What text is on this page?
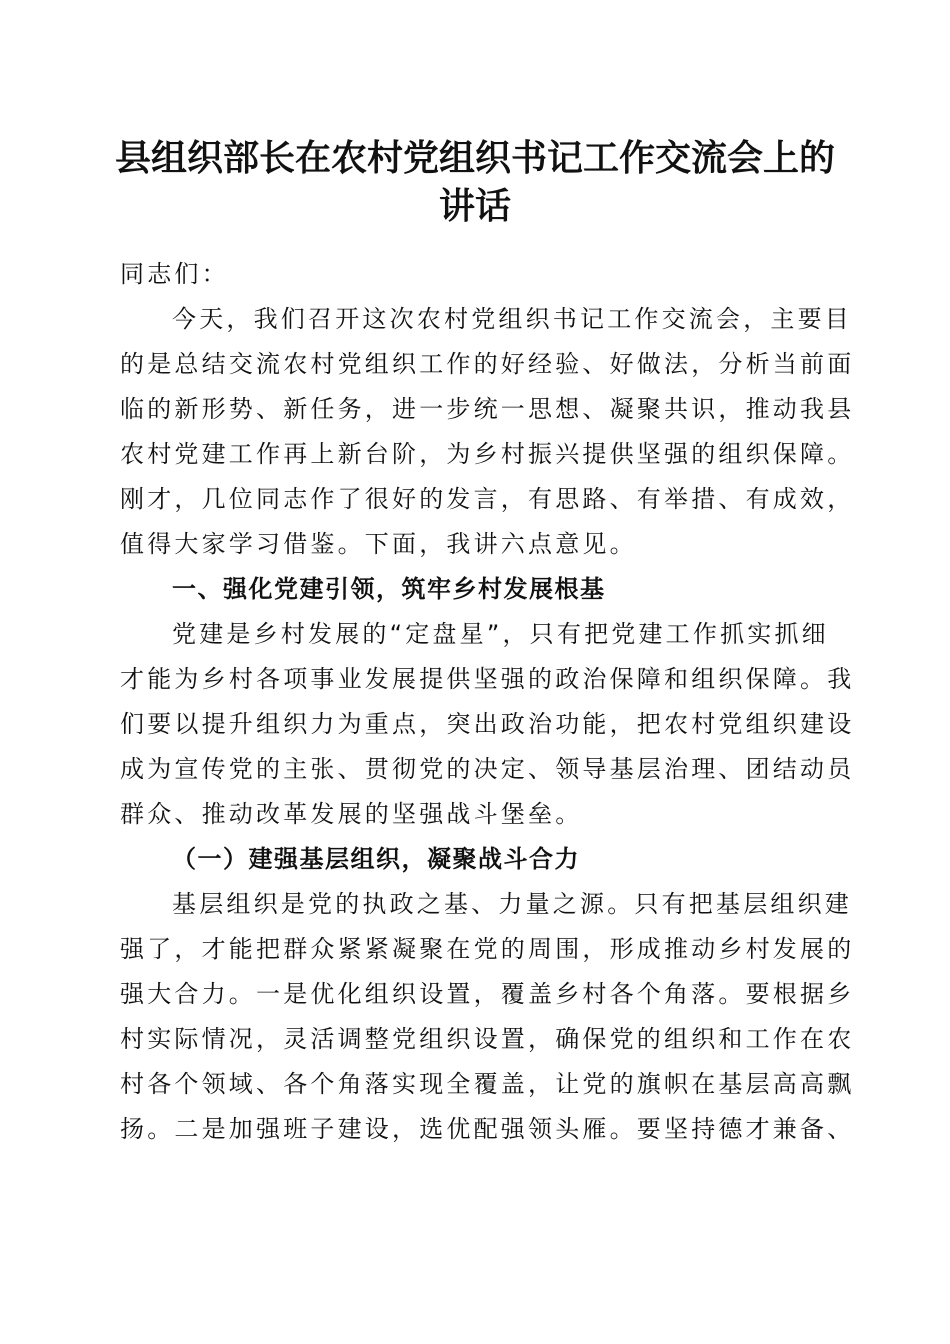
县组织部长在农村党组织书记工作交流会上的
讲话
同志们：
今天，我们召开这次农村党组织书记工作交流会，主要目
的是总结交流农村党组织工作的好经验、好做法，分析当前面
临的新形势、新任务，进一步统一思想、凝聚共识，推动我县
农村党建工作再上新台阶，为乡村振兴提供坚强的组织保障。
刚才，几位同志作了很好的发言，有思路、有举措、有成效，
值得大家学习借鉴。下面，我讲六点意见。
一、强化党建引领，筑牢乡村发展根基
党建是乡村发展的“定盘星”，只有把党建工作抓实抓细
才能为乡村各项事业发展提供坚强的政治保障和组织保障。我
们要以提升组织力为重点，突出政治功能，把农村党组织建设
成为宣传党的主张、贯彻党的决定、领导基层治理、团结动员
群众、推动改革发展的坚强战斗堡垒。
（一）建强基层组织，凝聚战斗合力
基层组织是党的执政之基、力量之源。只有把基层组织建
强了，才能把群众紧紧凝聚在党的周围，形成推动乡村发展的
强大合力。一是优化组织设置，覆盖乡村各个角落。要根据乡
村实际情况，灵活调整党组织设置，确保党的组织和工作在农
村各个领域、各个角落实现全覆盖，让党的旗帜在基层高高飘
扬。二是加强班子建设，选优配强领头雁。要坚持德才兼备、
